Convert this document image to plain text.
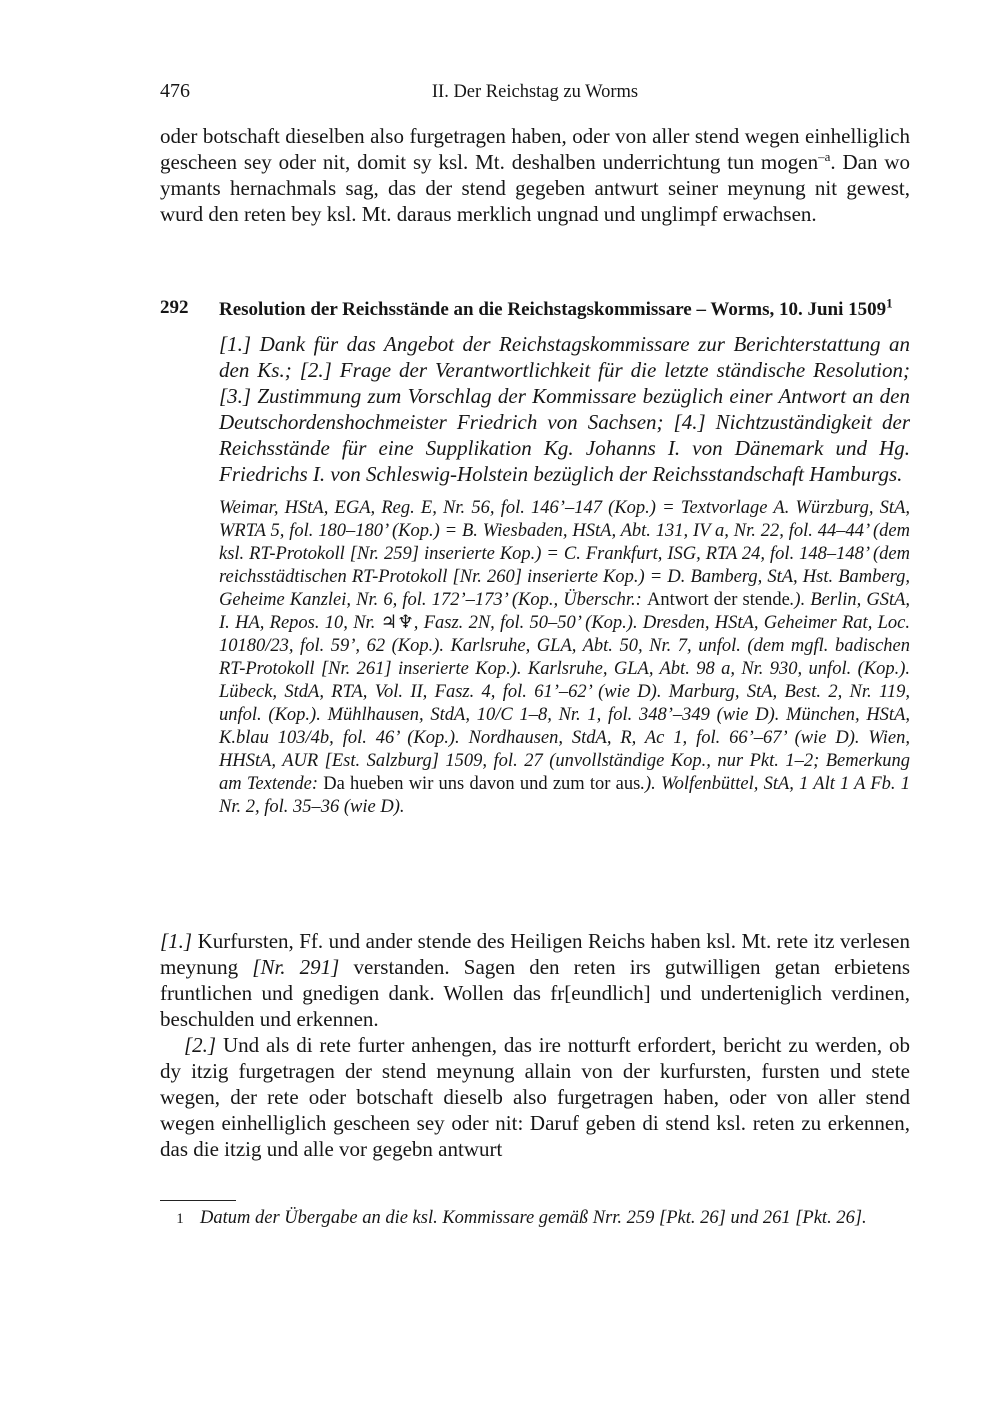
476	II. Der Reichstag zu Worms
oder botschaft dieselben also furgetragen haben, oder von aller stend wegen einhelliglich gescheen sey oder nit, domit sy ksl. Mt. deshalben underrichtung tun mogen$^{-a}$. Dan wo ymants hernachmals sag, das der stend gegeben antwurt seiner meynung nit gewest, wurd den reten bey ksl. Mt. daraus merklich ungnad und unglimpf erwachsen.
292 Resolution der Reichsstände an die Reichstagskommissare – Worms, 10. Juni 1509$^1$
[1.] Dank für das Angebot der Reichstagskommissare zur Berichterstattung an den Ks.; [2.] Frage der Verantwortlichkeit für die letzte ständische Resolution; [3.] Zustimmung zum Vorschlag der Kommissare bezüglich einer Antwort an den Deutschordenshochmeister Friedrich von Sachsen; [4.] Nichtzuständigkeit der Reichsstände für eine Supplikation Kg. Johanns I. von Dänemark und Hg. Friedrichs I. von Schleswig-Holstein bezüglich der Reichsstandschaft Hamburgs.
Weimar, HStA, EGA, Reg. E, Nr. 56, fol. 146’–147 (Kop.) = Textvorlage A. Würzburg, StA, WRTA 5, fol. 180–180’ (Kop.) = B. Wiesbaden, HStA, Abt. 131, IV a, Nr. 22, fol. 44–44’ (dem ksl. RT-Protokoll [Nr. 259] inserierte Kop.) = C. Frankfurt, ISG, RTA 24, fol. 148–148’ (dem reichsstädtischen RT-Protokoll [Nr. 260] inserierte Kop.) = D. Bamberg, StA, Hst. Bamberg, Geheime Kanzlei, Nr. 6, fol. 172’–173’ (Kop., Überschr.: Antwort der stende.). Berlin, GStA, I. HA, Repos. 10, Nr. ♃♆, Fasz. 2N, fol. 50–50’ (Kop.). Dresden, HStA, Geheimer Rat, Loc. 10180/23, fol. 59’, 62 (Kop.). Karlsruhe, GLA, Abt. 50, Nr. 7, unfol. (dem mgfl. badischen RT-Protokoll [Nr. 261] inserierte Kop.). Karlsruhe, GLA, Abt. 98 a, Nr. 930, unfol. (Kop.). Lübeck, StdA, RTA, Vol. II, Fasz. 4, fol. 61’–62’ (wie D). Marburg, StA, Best. 2, Nr. 119, unfol. (Kop.). Mühlhausen, StdA, 10/C 1–8, Nr. 1, fol. 348’–349 (wie D). München, HStA, K.blau 103/4b, fol. 46’ (Kop.). Nordhausen, StdA, R, Ac 1, fol. 66’–67’ (wie D). Wien, HHStA, AUR [Est. Salzburg] 1509, fol. 27 (unvollständige Kop., nur Pkt. 1–2; Bemerkung am Textende: Da hueben wir uns davon und zum tor aus.). Wolfenbüttel, StA, 1 Alt 1 A Fb. 1 Nr. 2, fol. 35–36 (wie D).

[1.] Kurfursten, Ff. und ander stende des Heiligen Reichs haben ksl. Mt. rete itz verlesen meynung [Nr. 291] verstanden. Sagen den reten irs gutwilligen getan erbietens fruntlichen und gnedigen dank. Wollen das fr[eundlich] und underteniglich verdinen, beschulden und erkennen.

[2.] Und als di rete furter anhengen, das ire notturft erfordert, bericht zu werden, ob dy itzig furgetragen der stend meynung allain von der kurfursten, fursten und stete wegen, der rete oder botschaft dieselb also furgetragen haben, oder von aller stend wegen einhelliglich gescheen sey oder nit: Daruf geben di stend ksl. reten zu erkennen, das die itzig und alle vor gegebn antwurt

1 Datum der Übergabe an die ksl. Kommissare gemäß Nrr. 259 [Pkt. 26] und 261 [Pkt. 26].
